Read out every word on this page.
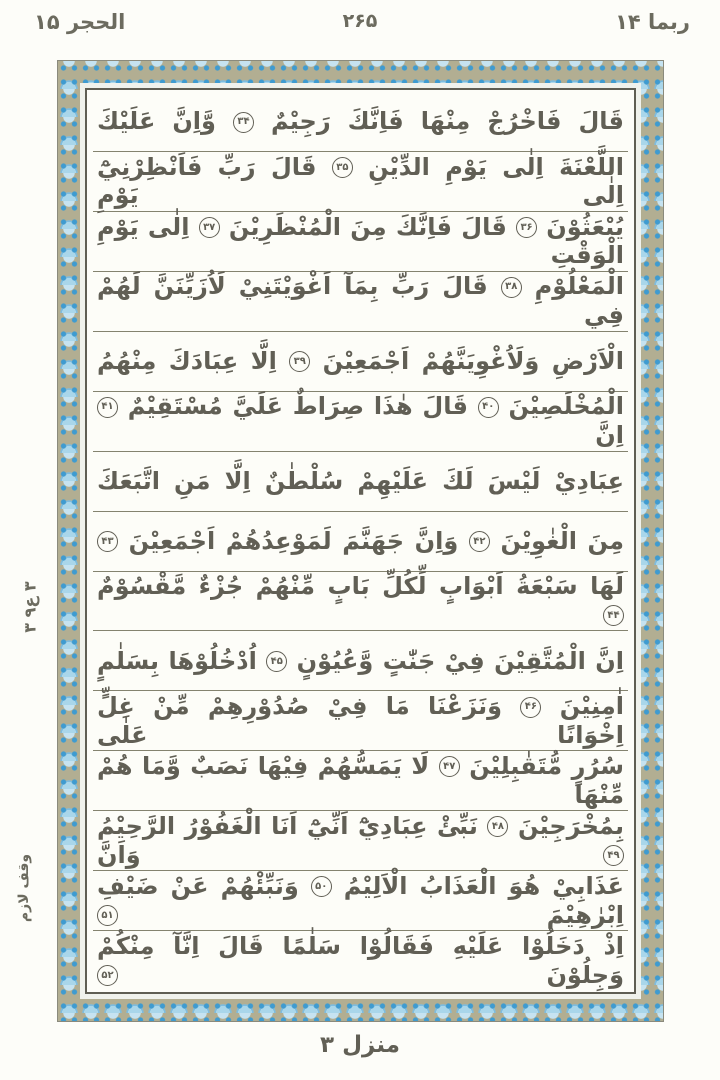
ربما ۱۴
۲۶۵
الحجر ۱۵
قَالَ فَاخْرُجْ مِنْهَا فَاِنَّكَ رَجِيْمٌ ۳۴ وَّاِنَّ عَلَيْكَ
اللَّعْنَةَ اِلٰى يَوْمِ الدِّيْنِ ۳۵ قَالَ رَبِّ فَاَنْظِرْنِيْٓ اِلٰى يَوْمِ
يُبْعَثُوْنَ ۳۶ قَالَ فَاِنَّكَ مِنَ الْمُنْظَرِيْنَ ۳۷ اِلٰى يَوْمِ الْوَقْتِ
الْمَعْلُوْمِ ۳۸ قَالَ رَبِّ بِمَآ اَغْوَيْتَنِيْ لَاُزَيِّنَنَّ لَهُمْ فِي
الْاَرْضِ وَلَاُغْوِيَنَّهُمْ اَجْمَعِيْنَ ۳۹ اِلَّا عِبَادَكَ مِنْهُمُ
الْمُخْلَصِيْنَ ۴۰ قَالَ هٰذَا صِرَاطٌ عَلَيَّ مُسْتَقِيْمٌ ۴۱ اِنَّ
عِبَادِيْ لَيْسَ لَكَ عَلَيْهِمْ سُلْطٰنٌ اِلَّا مَنِ اتَّبَعَكَ
مِنَ الْغٰوِيْنَ ۴۲ وَاِنَّ جَهَنَّمَ لَمَوْعِدُهُمْ اَجْمَعِيْنَ ۴۳
لَهَا سَبْعَةُ اَبْوَابٍ لِّكُلِّ بَابٍ مِّنْهُمْ جُزْءٌ مَّقْسُوْمٌ ۴۴
اِنَّ الْمُتَّقِيْنَ فِيْ جَنّٰتٍ وَّعُيُوْنٍ ۴۵ اُدْخُلُوْهَا بِسَلٰمٍ
اٰمِنِيْنَ ۴۶ وَنَزَعْنَا مَا فِيْ صُدُوْرِهِمْ مِّنْ غِلٍّ اِخْوَانًا عَلٰى
سُرُرٍ مُّتَقٰبِلِيْنَ ۴۷ لَا يَمَسُّهُمْ فِيْهَا نَصَبٌ وَّمَا هُمْ مِّنْهَا
بِمُخْرَجِيْنَ ۴۸ نَبِّئْ عِبَادِيْٓ اَنِّيْٓ اَنَا الْغَفُوْرُ الرَّحِيْمُ ۴۹ وَاَنَّ
عَذَابِيْ هُوَ الْعَذَابُ الْاَلِيْمُ ۵۰ وَنَبِّئْهُمْ عَنْ ضَيْفِ اِبْرٰهِيْمَ ۵۱
اِذْ دَخَلُوْا عَلَيْهِ فَقَالُوْا سَلٰمًا قَالَ اِنَّآ مِنْكُمْ وَجِلُوْنَ ۵۲
۳ ع۹ ۳
وقف لازم
منزل ۳
